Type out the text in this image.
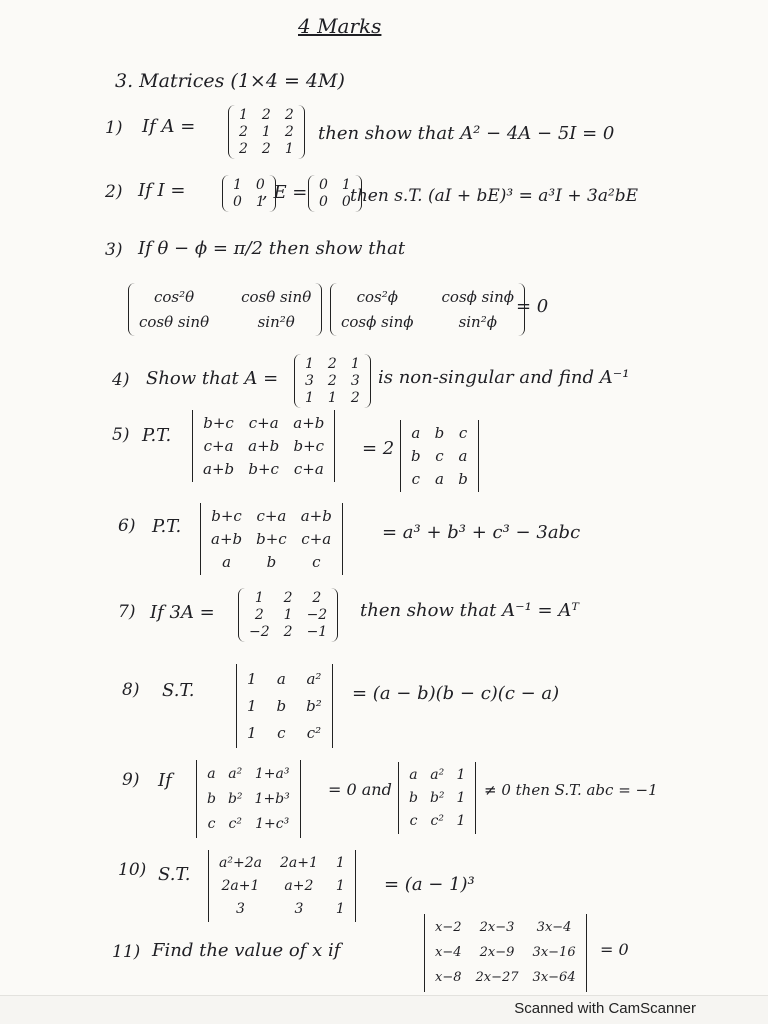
4 Marks
3. Matrices (1×4 = 4M)
1) If A =
1 2 2
2 1 2
2 2 1
then show that A² − 4A − 5I = 0
2) If I =	1 0
0 1
, E = 0 1
0 0 then s.T. (aI + bE)³ = a³I + 3a²bE
3) If θ − ϕ = π/2 then show that
cos²θ	cosθ sinθ
cosθ sinθ	sin²θ
cos²ϕ	cosϕ sinϕ
cosϕ sinϕ	sin²ϕ
= 0
4) Show that A =
1 2 1
3 2 3
1 1 2
is non-singular and find A⁻¹
5) P.T.
b+c c+a a+b
c+a a+b b+c
a+b b+c c+a
= 2
a b c
b c a
c a b
6) P.T. b+c c+a a+b
a+b b+c c+a
a	b	c
= a³ + b³ + c³ − 3abc
7) If 3A =
1	2	2
2	1 −2
−2 2 −1
then show that A⁻¹ = Aᵀ
8) S.T.
1 a a²
1 b b²
1 c c²
= (a − b)(b − c)(c − a)
9) If	a a² 1+a³
b b² 1+b³
c c² 1+c³
= 0 and
a a² 1
b b² 1
c c² 1
≠ 0 then S.T. abc = −1
10) S.T.
a²+2a 2a+1 1
2a+1	a+2	1
3	3	1
= (a − 1)³
11) Find the value of x if
x−2	2x−3	3x−4
x−4	2x−9	3x−16
x−8 2x−27 3x−64
= 0
Scanned with CamScanner
